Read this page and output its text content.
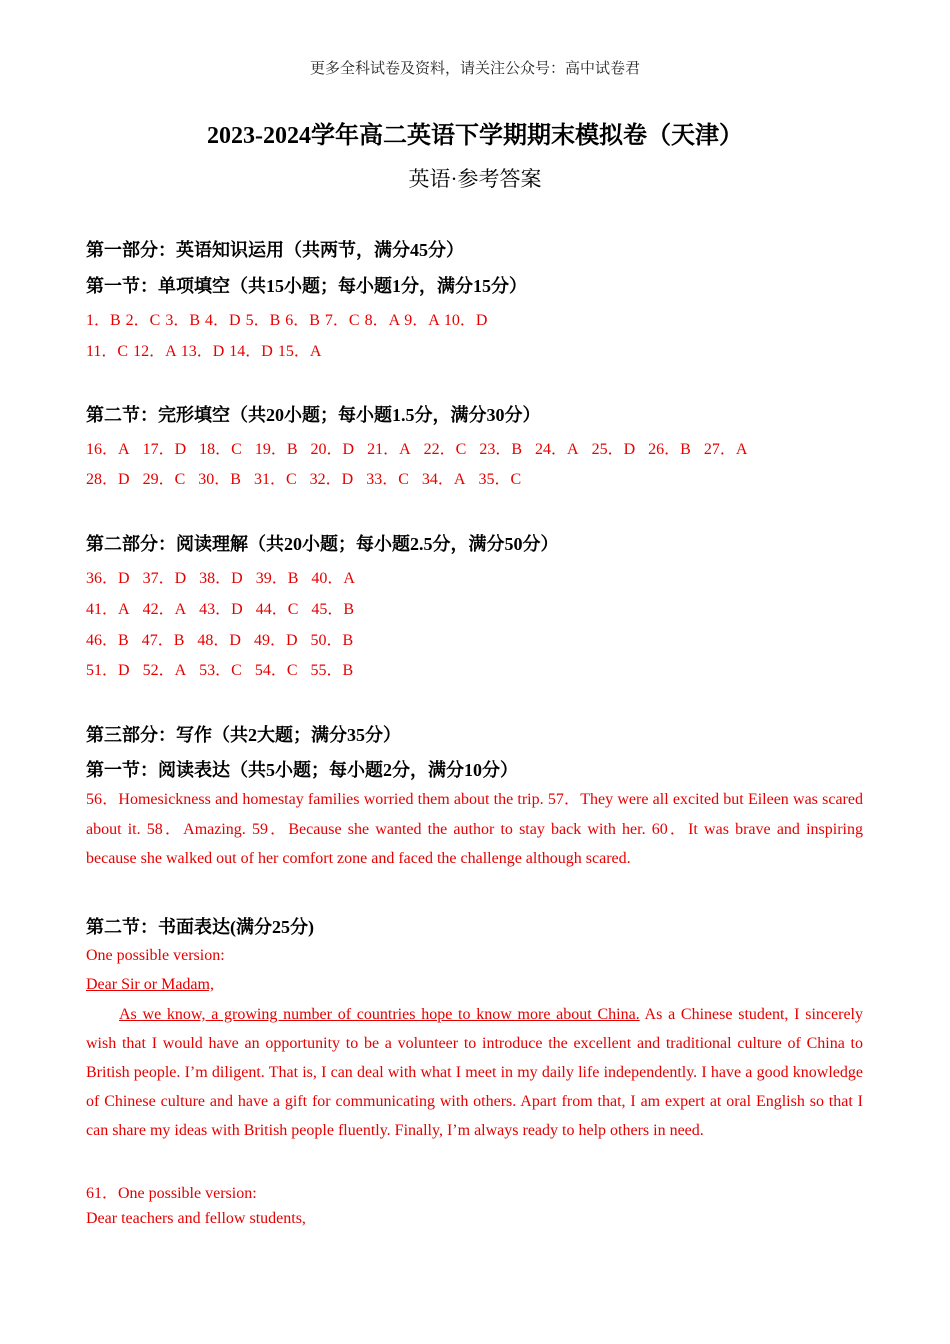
更多全科试卷及资料，请关注公众号：高中试卷君
2023-2024学年高二英语下学期期末模拟卷（天津）
英语·参考答案
第一部分：英语知识运用（共两节，满分45分）
第一节：单项填空（共15小题；每小题1分，满分15分）
1．B 2．C 3．B 4．D 5．B 6．B 7．C 8．A 9．A 10．D
11．C 12．A 13．D 14．D 15．A
第二节：完形填空（共20小题；每小题1.5分，满分30分）
16．A 17．D 18．C 19．B 20．D 21．A 22．C 23．B 24．A 25．D 26．B 27．A
28．D 29．C 30．B 31．C 32．D 33．C 34．A 35．C
第二部分：阅读理解（共20小题；每小题2.5分，满分50分）
36．D 37．D 38．D 39．B 40．A
41．A 42．A 43．D 44．C 45．B
46．B 47．B 48．D 49．D 50．B
51．D 52．A 53．C 54．C 55．B
第三部分：写作（共2大题；满分35分）
第一节：阅读表达（共5小题；每小题2分，满分10分）
56．Homesickness and homestay families worried them about the trip. 57．They were all excited but Eileen was scared about it. 58．Amazing. 59．Because she wanted the author to stay back with her. 60．It was brave and inspiring because she walked out of her comfort zone and faced the challenge although scared.
第二节：书面表达(满分25分)
One possible version:
Dear Sir or Madam,
As we know, a growing number of countries hope to know more about China. As a Chinese student, I sincerely wish that I would have an opportunity to be a volunteer to introduce the excellent and traditional culture of China to British people. I’m diligent. That is, I can deal with what I meet in my daily life independently. I have a good knowledge of Chinese culture and have a gift for communicating with others. Apart from that, I am expert at oral English so that I can share my ideas with British people fluently. Finally, I’m always ready to help others in need.
61．One possible version:
Dear teachers and fellow students,
